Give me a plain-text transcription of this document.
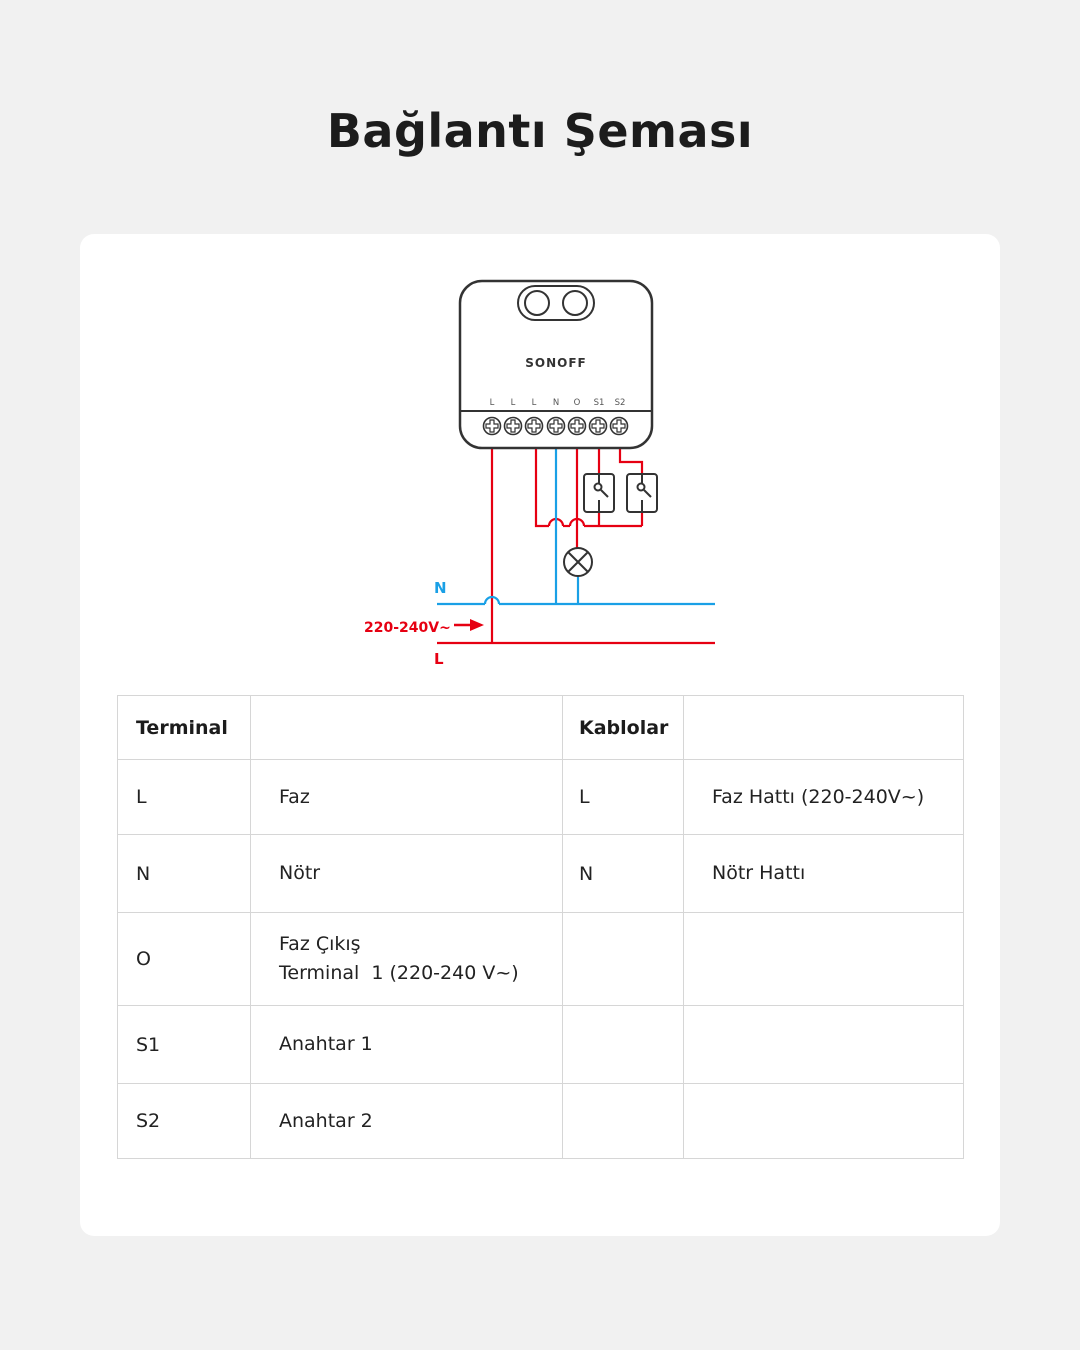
Bağlantı Şeması
SONOFF
L L L N O S1 S2
N
L
220-240V~
Terminal		Kablolar	
L	Faz	L	Faz Hattı (220-240V~)
N	Nötr	N	Nötr Hattı
O	Faz Çıkış
Terminal  1 (220-240 V~)		

S1	Anahtar 1		
S2	Anahtar 2		
